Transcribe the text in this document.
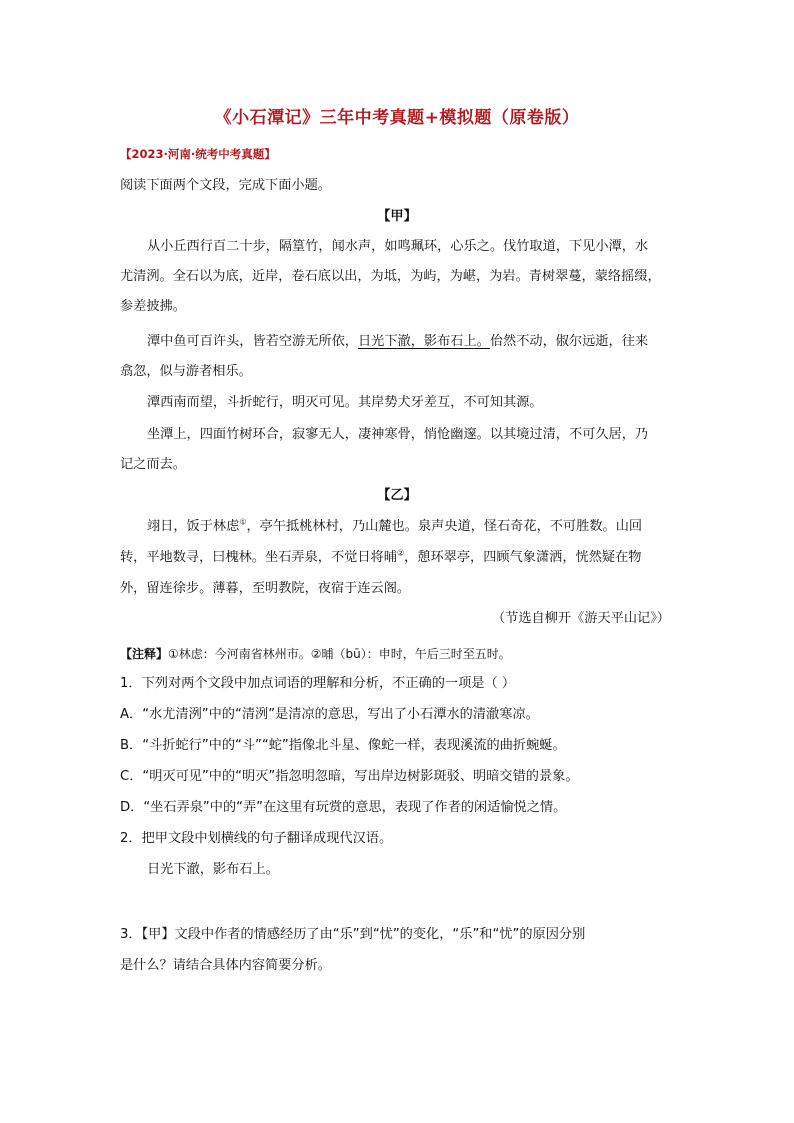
《小石潭记》三年中考真题+模拟题（原卷版）
【2023·河南·统考中考真题】
阅读下面两个文段，完成下面小题。
【甲】
从小丘西行百二十步，隔篁竹，闻水声，如鸣珮环，心乐之。伐竹取道，下见小潭，水
尤清洌。全石以为底，近岸，卷石底以出，为坻，为屿，为嵁，为岩。青树翠蔓，蒙络摇缀，
参差披拂。
潭中鱼可百许头，皆若空游无所依，日光下澈，影布石上。佁然不动，俶尔远逝，往来
翕忽，似与游者相乐。
潭西南而望，斗折蛇行，明灭可见。其岸势犬牙差互，不可知其源。
坐潭上，四面竹树环合，寂寥无人，凄神寒骨，悄怆幽邃。以其境过清，不可久居，乃
记之而去。
【乙】
翊日，饭于林虑①，亭午抵桃林村，乃山麓也。泉声央道，怪石奇花，不可胜数。山回
转，平地数寻，曰槐林。坐石弄泉，不觉日将晡②，憩环翠亭，四顾气象潇洒，恍然疑在物
外，留连徐步。薄暮，至明教院，夜宿于连云阁。
（节选自柳开《游天平山记》）
【注释】①林虑：今河南省林州市。②晡（bū）：申时，午后三时至五时。
1．下列对两个文段中加点词语的理解和分析，不正确的一项是（ ）
A．“水尤清洌”中的“清洌”是清凉的意思，写出了小石潭水的清澈寒凉。
B．“斗折蛇行”中的“斗”“蛇”指像北斗星、像蛇一样，表现溪流的曲折蜿蜒。
C．“明灭可见”中的“明灭”指忽明忽暗，写出岸边树影斑驳、明暗交错的景象。
D．“坐石弄泉”中的“弄”在这里有玩赏的意思，表现了作者的闲适愉悦之情。
2．把甲文段中划横线的句子翻译成现代汉语。
日光下澈，影布石上。
3．【甲】文段中作者的情感经历了由“乐”到“忧”的变化，“乐”和“忧”的原因分别
是什么？请结合具体内容简要分析。
